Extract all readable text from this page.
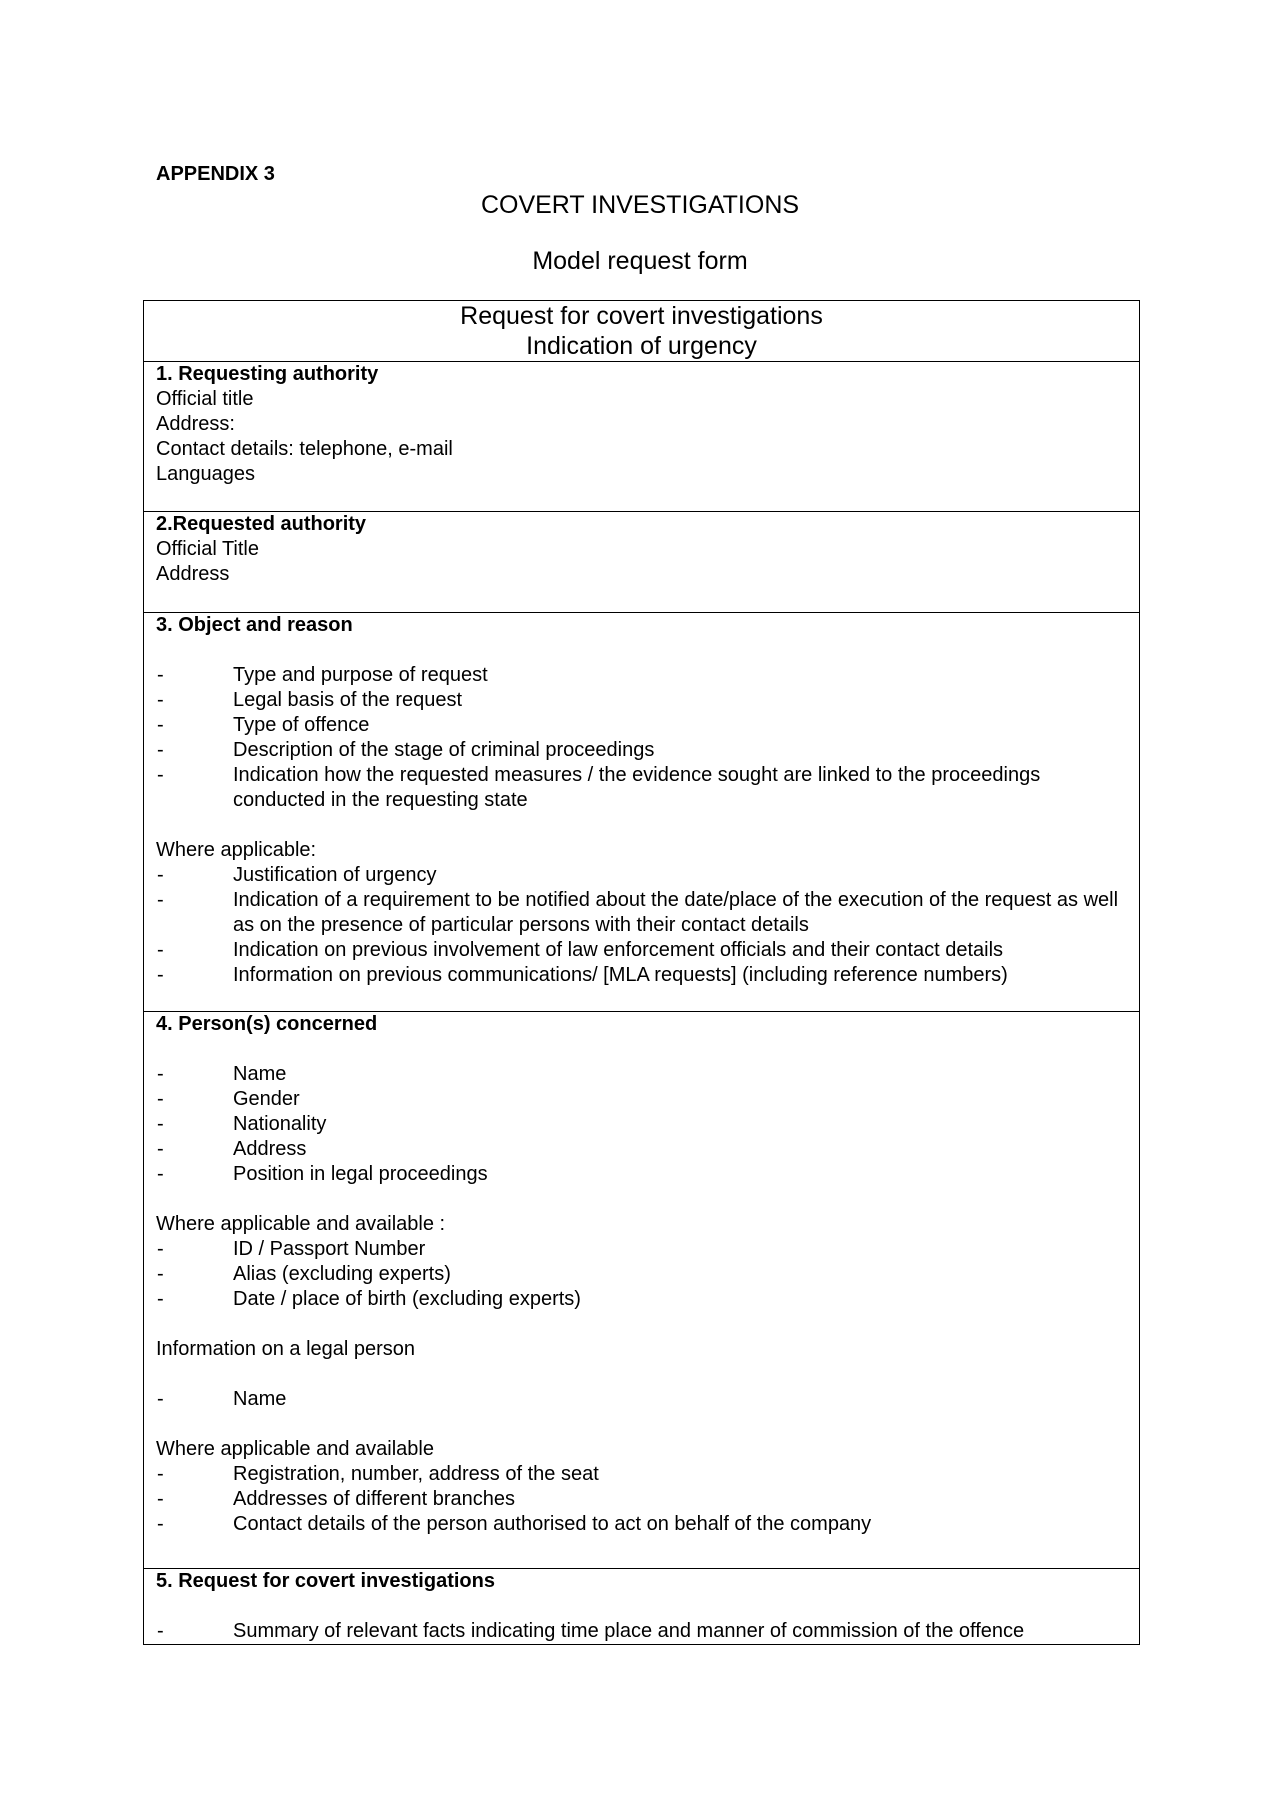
APPENDIX 3
COVERT INVESTIGATIONS
Model request form
Request for covert investigations
Indication of urgency

1. Requesting authority
Official title
Address:
Contact details: telephone, e-mail
Languages

2.Requested authority
Official Title
Address

3. Object and reason
-	Type and purpose of request
-	Legal basis of the request
-	Type of offence
-	Description of the stage of criminal proceedings
-	Indication how the requested measures / the evidence sought are linked to the proceedings conducted in the requesting state
Where applicable:
-	Justification of urgency
-	Indication of a requirement to be notified about the date/place of the execution of the request as well as on the presence of particular persons with their contact details
-	Indication on previous involvement of law enforcement officials and their contact details
-	Information on previous communications/ [MLA requests] (including reference numbers)

4. Person(s) concerned
-	Name
-	Gender
-	Nationality
-	Address
-	Position in legal proceedings
Where applicable and available :
-	ID / Passport Number
-	Alias (excluding experts)
-	Date / place of birth (excluding experts)
Information on a legal person
-	Name
Where applicable and available
-	Registration, number, address of the seat
-	Addresses of different branches
-	Contact details of the person authorised to act on behalf of the company

5. Request for covert investigations
-	Summary of relevant facts indicating time place and manner of commission of the offence
